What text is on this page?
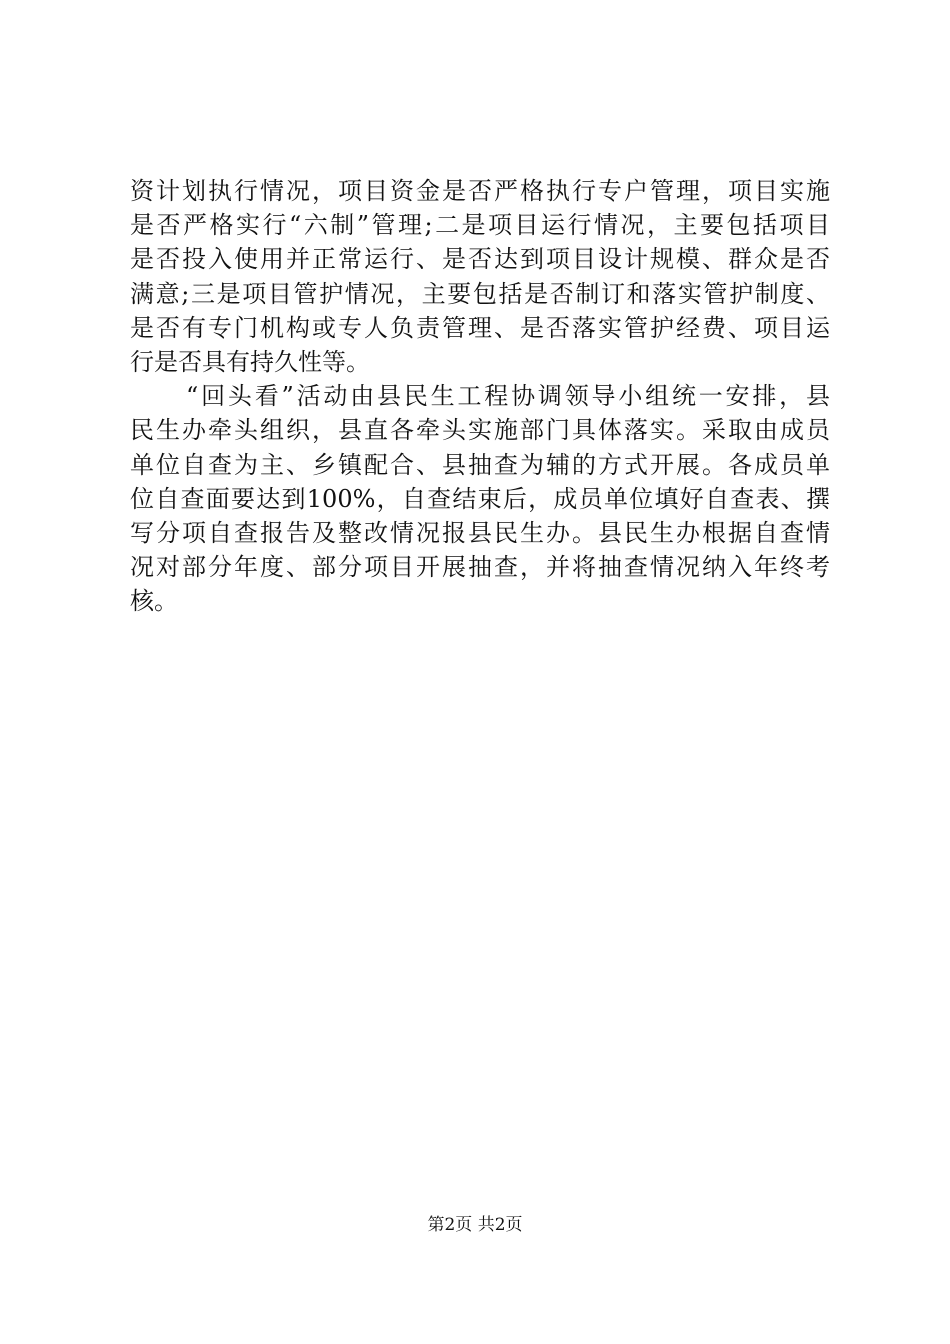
资计划执行情况，项目资金是否严格执行专户管理，项目实施
是否严格实行“六制”管理;二是项目运行情况，主要包括项目
是否投入使用并正常运行、是否达到项目设计规模、群众是否
满意;三是项目管护情况，主要包括是否制订和落实管护制度、
是否有专门机构或专人负责管理、是否落实管护经费、项目运
行是否具有持久性等。
“回头看”活动由县民生工程协调领导小组统一安排，县
民生办牵头组织，县直各牵头实施部门具体落实。采取由成员
单位自查为主、乡镇配合、县抽查为辅的方式开展。各成员单
位自查面要达到100%，自查结束后，成员单位填好自查表、撰
写分项自查报告及整改情况报县民生办。县民生办根据自查情
况对部分年度、部分项目开展抽查，并将抽查情况纳入年终考
核。
第2页 共2页
